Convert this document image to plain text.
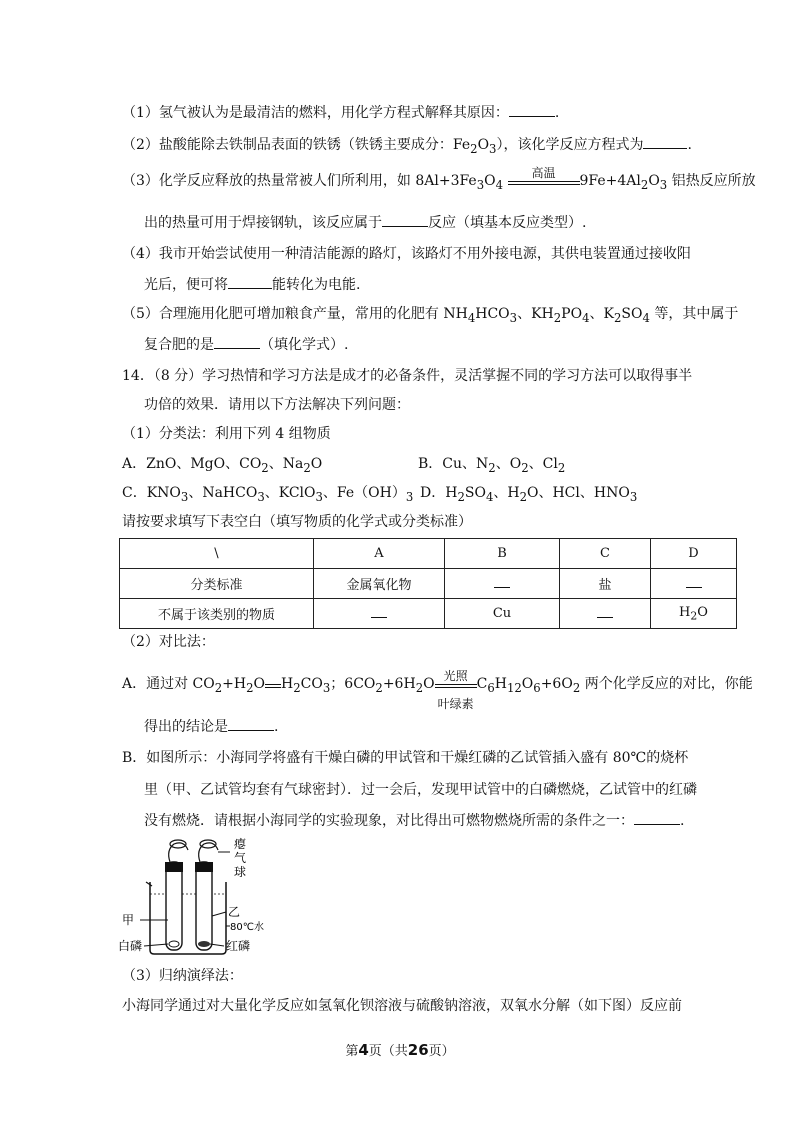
（1）氢气被认为是最清洁的燃料，用化学方程式解释其原因：	.
（2）盐酸能除去铁制品表面的铁锈（铁锈主要成分：$Fe_2O_3$），该化学反应方程式为	.
（3）化学反应释放的热量常被人们所利用，如 $8Al+3Fe_3O_4$
高温	$9Fe+4Al_2O_3$ 铝热反应所放
出的热量可用于焊接钢轨，该反应属于	反应（填基本反应类型）.
（4）我市开始尝试使用一种清洁能源的路灯，该路灯不用外接电源，其供电装置通过接收阳
光后，便可将	能转化为电能.
（5）合理施用化肥可增加粮食产量，常用的化肥有 $NH_4HCO_3$、$KH_2PO_4$、$K_2SO_4$ 等，其中属于
复合肥的是	（填化学式）.
14．（8 分）学习热情和学习方法是成才的必备条件，灵活掌握不同的学习方法可以取得事半
功倍的效果．请用以下方法解决下列问题：
（1）分类法：利用下列 4 组物质
A．ZnO、MgO、$CO_2$、$Na_2O$	B．Cu、$N_2$、$O_2$、$Cl_2$
C．$KNO_3$、NaHCO$_3$、KClO$_3$、$Fe(OH)_3$ D．$H_2SO_4$、$H_2O$、HCl、$HNO_3$
请按要求填写下表空白（填写物质的化学式或分类标准）
\	A	B	C	D
分类标准	金属氧化物		盐	
不属于该类别的物质		Cu		$H_2O$
（2）对比法：
A．通过对 $CO_2+H_2O$ $H_2CO_3$；$6CO_2+6H_2O$ 光照
叶绿素
$C_6H_{12}O_6+6O_2$ 两个化学反应的对比，你能
得出的结论是	.
B．如图所示：小海同学将盛有干燥白磷的甲试管和干燥红磷的乙试管插入盛有 80℃的烧杯
里（甲、乙试管均套有气球密封）．过一会后，发现甲试管中的白磷燃烧，乙试管中的红磷
没有燃烧．请根据小海同学的实验现象，对比得出可燃物燃烧所需的条件之一：	.
瘪
气
球
甲
乙
80℃水
白磷	红磷
（3）归纳演绎法：
小海同学通过对大量化学反应如氢氧化钡溶液与硫酸钠溶液，双氧水分解（如下图）反应前
第4页（共26页）
